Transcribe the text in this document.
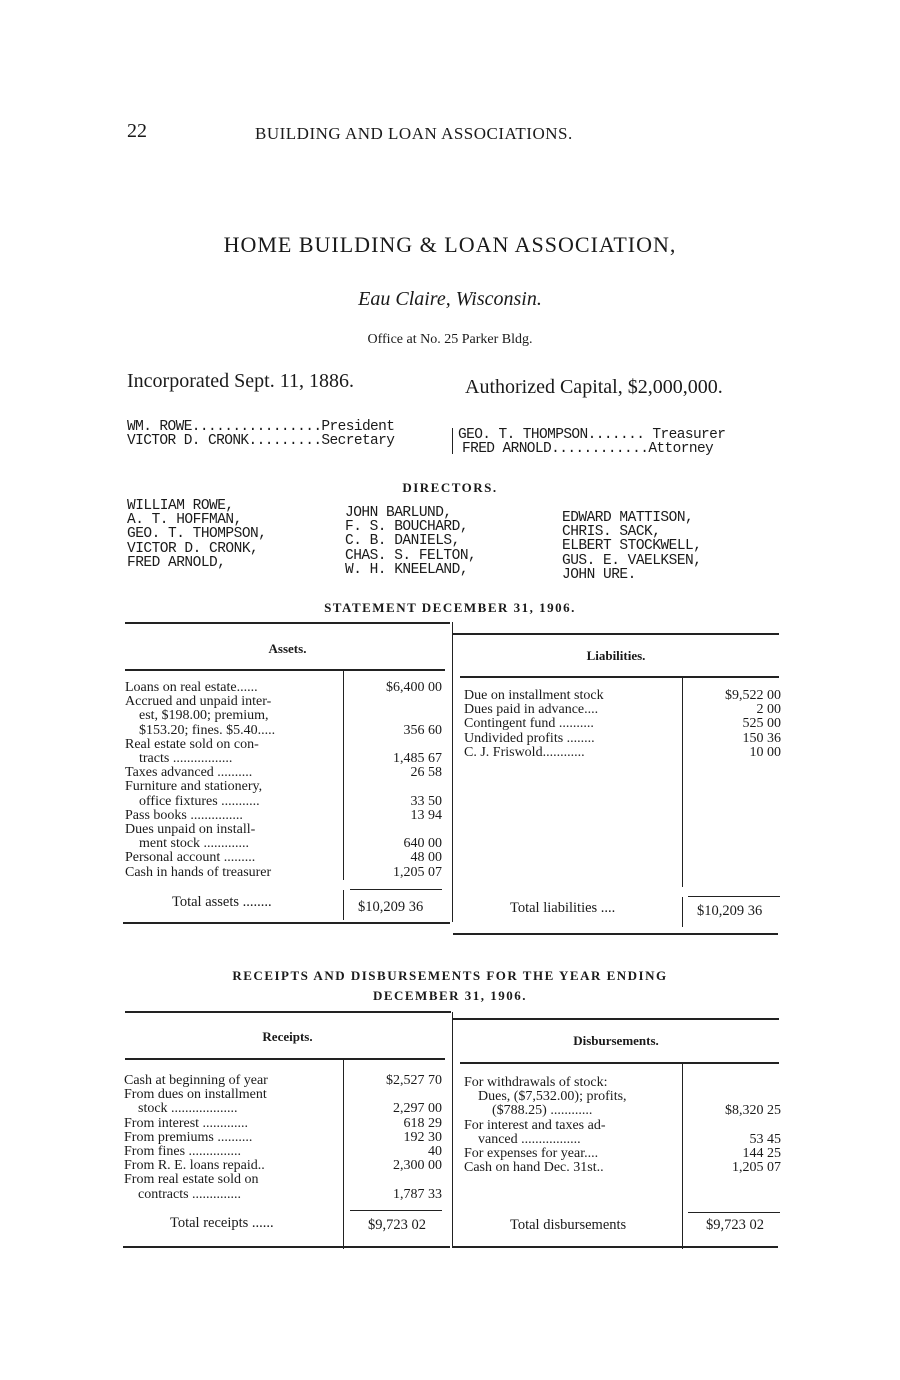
22	BUILDING AND LOAN ASSOCIATIONS.
HOME BUILDING & LOAN ASSOCIATION,
Eau Claire, Wisconsin.
Office at No. 25 Parker Bldg.
Incorporated Sept. 11, 1886.	Authorized Capital, $2,000,000.
WM. ROWE................President
VICTOR D. CRONK.........Secretary	GEO. T. THOMPSON....... Treasurer
FRED ARNOLD............Attorney
DIRECTORS.
WILLIAM ROWE,
A. T. HOFFMAN,
GEO. T. THOMPSON,
VICTOR D. CRONK,
FRED ARNOLD,
JOHN BARLUND,
F. S. BOUCHARD,
C. B. DANIELS,
CHAS. S. FELTON,
W. H. KNEELAND,
EDWARD MATTISON,
CHRIS. SACK,
ELBERT STOCKWELL,
GUS. E. VAELKSEN,
JOHN URE.
STATEMENT DECEMBER 31, 1906.
Assets.	Liabilities.
Loans on real estate......	$6,400 00
Accrued and unpaid inter-
est, $198.00; premium,
$153.20; fines. $5.40.....	356 60
Real estate sold on con-
tracts .................	1,485 67
Taxes advanced ..........	26 58
Furniture and stationery,
office fixtures ...........	33 50
Pass books ...............	13 94
Dues unpaid on install-
ment stock .............	640 00
Personal account .........	48 00
Cash in hands of treasurer	1,205 07
Due on installment stock	$9,522 00
Dues paid in advance....	2 00
Contingent fund ..........	525 00
Undivided profits ........	150 36
C. J. Friswold............	10 00
Total assets ........	$10,209 36	Total liabilities ....	$10,209 36
RECEIPTS AND DISBURSEMENTS FOR THE YEAR ENDING
DECEMBER 31, 1906.
Receipts.	Disbursements.
Cash at beginning of year	$2,527 70
From dues on installment
stock ...................	2,297 00
From interest .............	618 29
From premiums ..........	192 30
From fines ...............	40
From R. E. loans repaid..	2,300 00
From real estate sold on
contracts ..............	1,787 33
For withdrawals of stock:
Dues, ($7,532.00); profits,
($788.25) ............	$8,320 25
For interest and taxes ad-
vanced .................	53 45
For expenses for year....	144 25
Cash on hand Dec. 31st..	1,205 07
Total receipts ......	$9,723 02	Total disbursements	$9,723 02
